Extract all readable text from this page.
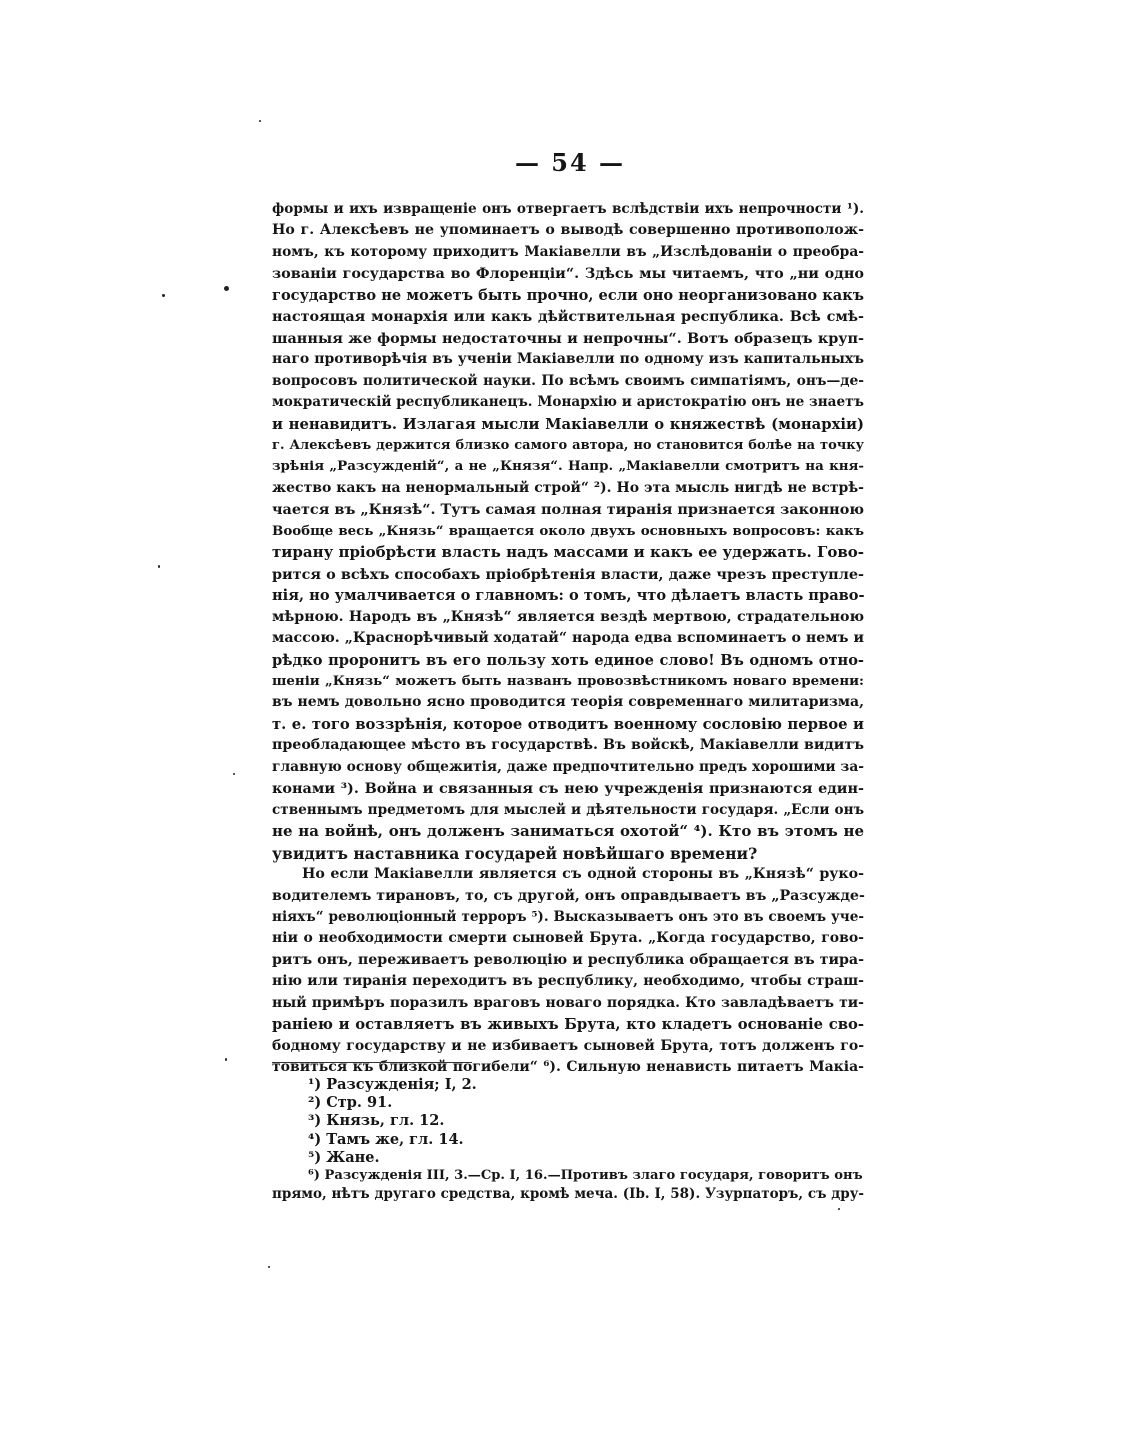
— 54 —
формы и ихъ извращеніе онъ отвергаетъ вслѣдствіи ихъ непрочности ¹).
Но г. Алексѣевъ не упоминаетъ о выводѣ совершенно противополож-
номъ, къ которому приходитъ Макіавелли въ „Изслѣдованіи о преобра-
зованіи государства во Флоренціи“. Здѣсь мы читаемъ, что „ни одно
государство не можетъ быть прочно, если оно неорганизовано какъ
настоящая монархія или какъ дѣйствительная республика. Всѣ смѣ-
шанныя же формы недостаточны и непрочны“. Вотъ образецъ круп-
наго противорѣчія въ ученіи Макіавелли по одному изъ капитальныхъ
вопросовъ политической науки. По всѣмъ своимъ симпатіямъ, онъ—де-
мократическій республиканецъ. Монархію и аристократію онъ не знаетъ
и ненавидитъ. Излагая мысли Макіавелли о княжествѣ (монархіи)
г. Алексѣевъ держится близко самого автора, но становится болѣе на точку
зрѣнія „Разсужденій“, а не „Князя“. Напр. „Макіавелли смотритъ на кня-
жество какъ на ненормальный строй“ ²). Но эта мысль нигдѣ не встрѣ-
чается въ „Князѣ“. Тутъ самая полная тиранія признается законною
Вообще весь „Князь“ вращается около двухъ основныхъ вопросовъ: какъ
тирану пріобрѣсти власть надъ массами и какъ ее удержать. Гово-
рится о всѣхъ способахъ пріобрѣтенія власти, даже чрезъ преступле-
нія, но умалчивается о главномъ: о томъ, что дѣлаетъ власть право-
мѣрною. Народъ въ „Князѣ“ является вездѣ мертвою, страдательною
массою. „Краснорѣчивый ходатай“ народа едва вспоминаетъ о немъ и
рѣдко проронитъ въ его пользу хоть единое слово! Въ одномъ отно-
шеніи „Князь“ можетъ быть названъ провозвѣстникомъ новаго времени:
въ немъ довольно ясно проводится теорія современнаго милитаризма,
т. е. того воззрѣнія, которое отводитъ военному сословію первое и
преобладающее мѣсто въ государствѣ. Въ войскѣ, Макіавелли видитъ
главную основу общежитія, даже предпочтительно предъ хорошими за-
конами ³). Война и связанныя съ нею учрежденія признаются един-
ственнымъ предметомъ для мыслей и дѣятельности государя. „Если онъ
не на войнѣ, онъ долженъ заниматься охотой“ ⁴). Кто въ этомъ не
увидитъ наставника государей новѣйшаго времени?
Но если Макіавелли является съ одной стороны въ „Князѣ“ руко-
водителемъ тирановъ, то, съ другой, онъ оправдываетъ въ „Разсужде-
ніяхъ“ революціонный терроръ ⁵). Высказываетъ онъ это въ своемъ уче-
ніи о необходимости смерти сыновей Брута. „Когда государство, гово-
ритъ онъ, переживаетъ революцію и республика обращается въ тира-
нію или тиранія переходитъ въ республику, необходимо, чтобы страш-
ный примѣръ поразилъ враговъ новаго порядка. Кто завладѣваетъ ти-
раніею и оставляетъ въ живыхъ Брута, кто кладетъ основаніе сво-
бодному государству и не избиваетъ сыновей Брута, тотъ долженъ го-
товиться къ близкой погибели“ ⁶). Сильную ненависть питаетъ Макіа-
¹) Разсужденія; I, 2.
²) Стр. 91.
³) Князь, гл. 12.
⁴) Тамъ же, гл. 14.
⁵) Жане.
⁶) Разсужденія III, 3.—Ср. I, 16.—Противъ злаго государя, говоритъ онъ
прямо, нѣтъ другаго средства, кромѣ меча. (Ib. I, 58). Узурпаторъ, съ дру-
